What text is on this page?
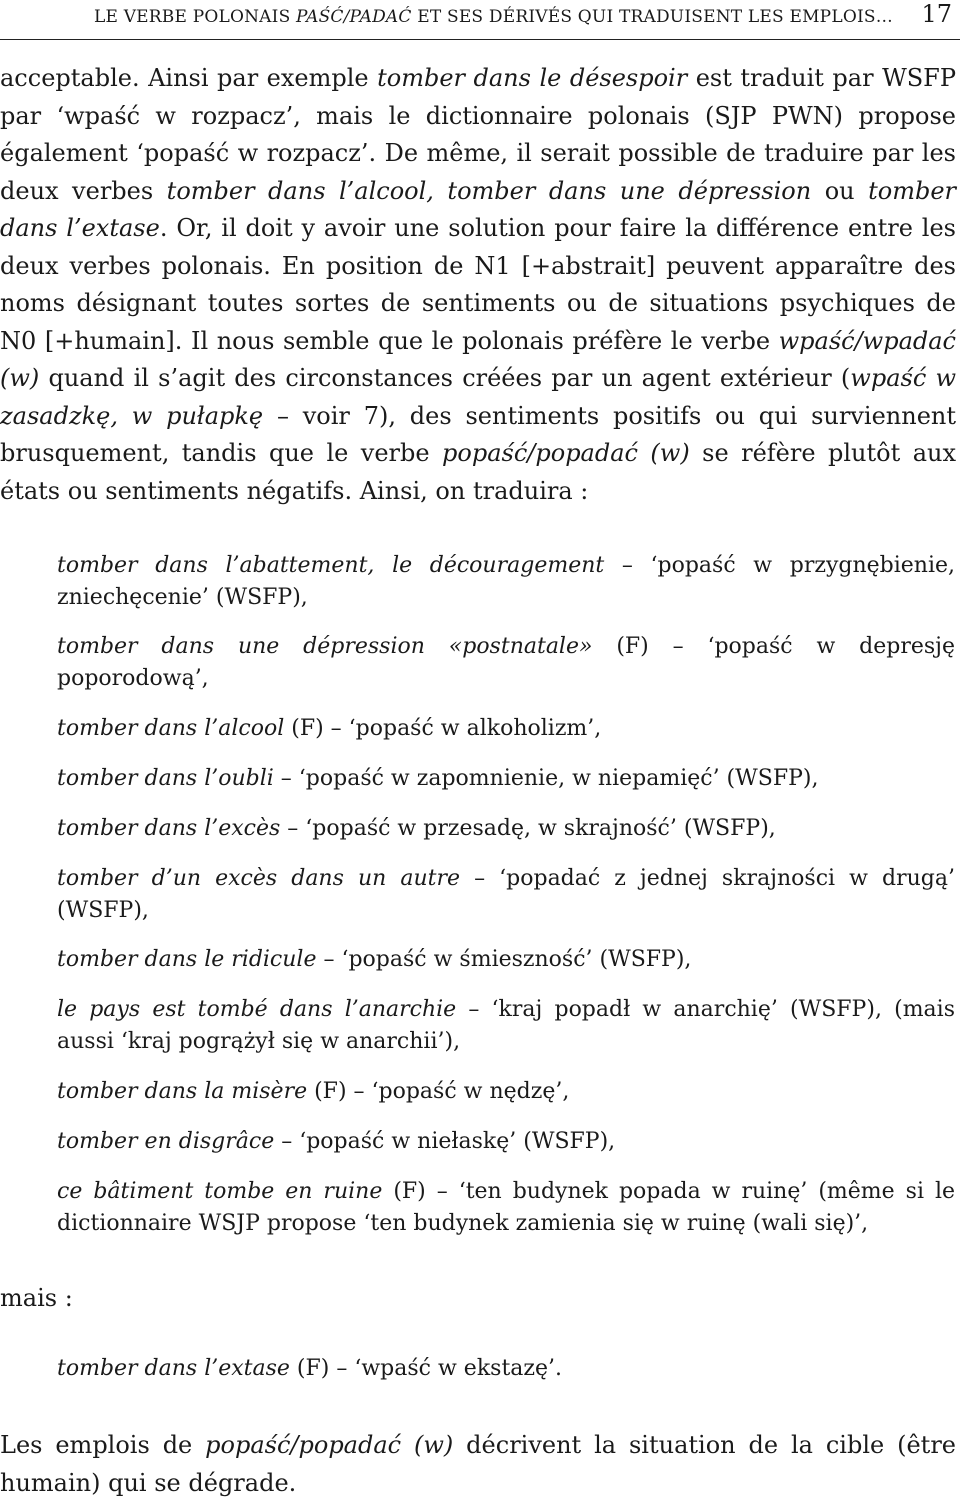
LE VERBE POLONAIS PAŚĆ/PADAĆ ET SES DÉRIVÉS QUI TRADUISENT LES EMPLOIS… 17
acceptable. Ainsi par exemple tomber dans le désespoir est traduit par WSFP par ‘wpaść w rozpacz’, mais le dictionnaire polonais (SJP PWN) propose également ‘popaść w rozpacz’. De même, il serait possible de traduire par les deux verbes tomber dans l’alcool, tomber dans une dépression ou tomber dans l’extase. Or, il doit y avoir une solution pour faire la différence entre les deux verbes polonais. En position de N1 [+abstrait] peuvent apparaître des noms désignant toutes sortes de sentiments ou de situations psychiques de N0 [+humain]. Il nous semble que le polonais préfère le verbe wpaść/wpadać (w) quand il s’agit des circonstances créées par un agent extérieur (wpaść w zasadzkę, w pułapkę – voir 7), des sentiments positifs ou qui surviennent brusquement, tandis que le verbe popaść/popadać (w) se réfère plutôt aux états ou sentiments négatifs. Ainsi, on traduira :
tomber dans l’abattement, le découragement – ‘popaść w przygnębienie, zniechęcenie’ (WSFP),
tomber dans une dépression «postnatale» (F) – ‘popaść w depresję poporodową’,
tomber dans l’alcool (F) – ‘popaść w alkoholizm’,
tomber dans l’oubli – ‘popaść w zapomnienie, w niepamięć’ (WSFP),
tomber dans l’excès – ‘popaść w przesadę, w skrajność’ (WSFP),
tomber d’un excès dans un autre – ‘popadać z jednej skrajności w drugą’ (WSFP),
tomber dans le ridicule – ‘popaść w śmieszność’ (WSFP),
le pays est tombé dans l’anarchie – ‘kraj popadł w anarchię’ (WSFP), (mais aussi ‘kraj pogrążył się w anarchii’),
tomber dans la misère (F) – ‘popaść w nędzę’,
tomber en disgrâce – ‘popaść w niełaskę’ (WSFP),
ce bâtiment tombe en ruine (F) – ‘ten budynek popada w ruinę’ (même si le dictionnaire WSJP propose ‘ten budynek zamienia się w ruinę (wali się)’,
mais :
tomber dans l’extase (F) – ‘wpaść w ekstazę’.
Les emplois de popaść/popadać (w) décrivent la situation de la cible (être humain) qui se dégrade.
